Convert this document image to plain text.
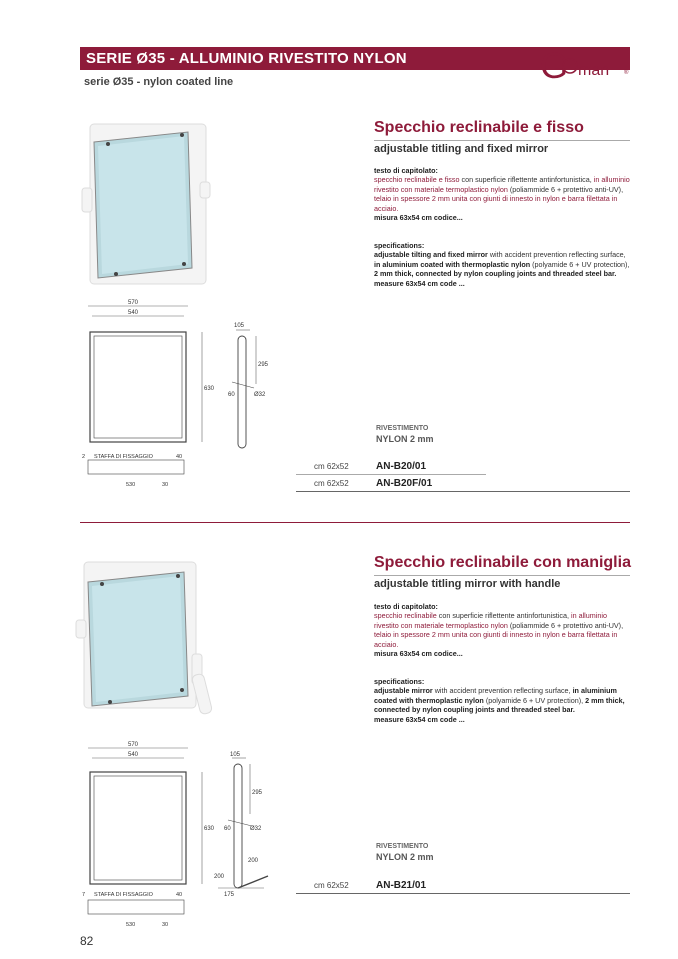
SERIE Ø35 - ALLUMINIO RIVESTITO NYLON
serie Ø35 - nylon coated line	G man ®
Specchio reclinabile e fisso
adjustable titling and fixed mirror
testo di capitolato:
specchio reclinabile e fisso con superficie riflettente antinfortunistica, in alluminio rivestito con materiale termoplastico nylon (poliammide 6 + protettivo anti-UV), telaio in spessore 2 mm unita con giunti di innesto in nylon e barra filettata in acciaio.
misura 63x54 cm codice...
specifications:
adjustable tilting and fixed mirror with accident prevention reflecting surface, in aluminium coated with thermoplastic nylon (polyamide 6 + UV protection), 2 mm thick, connected by nylon coupling joints and threaded steel bar.
measure 63x54 cm code ...
570
540
630
105
295
60	Ø32
2 STAFFA DI FISSAGGIO	40
530	30
RIVESTIMENTO
NYLON 2 mm
cm 62x52	AN-B20/01
cm 62x52	AN-B20F/01
Specchio reclinabile con maniglia
adjustable titling mirror with handle
testo di capitolato:
specchio reclinabile con superficie riflettente antinfortunistica, in alluminio rivestito con materiale termoplastico nylon (poliammide 6 + protettivo anti-UV), telaio in spessore 2 mm unita con giunti di innesto in nylon e barra filettata in acciaio.
misura 63x54 cm codice...
specifications:
adjustable mirror with accident prevention reflecting surface, in aluminium coated with thermoplastic nylon (polyamide 6 + UV protection), 2 mm thick, connected by nylon coupling joints and threaded steel bar.
measure 63x54 cm code ...
570
540
630
105
295
60	Ø32
200
200
175
7 STAFFA DI FISSAGGIO	40
530	30
RIVESTIMENTO
NYLON 2 mm
cm 62x52	AN-B21/01
82
